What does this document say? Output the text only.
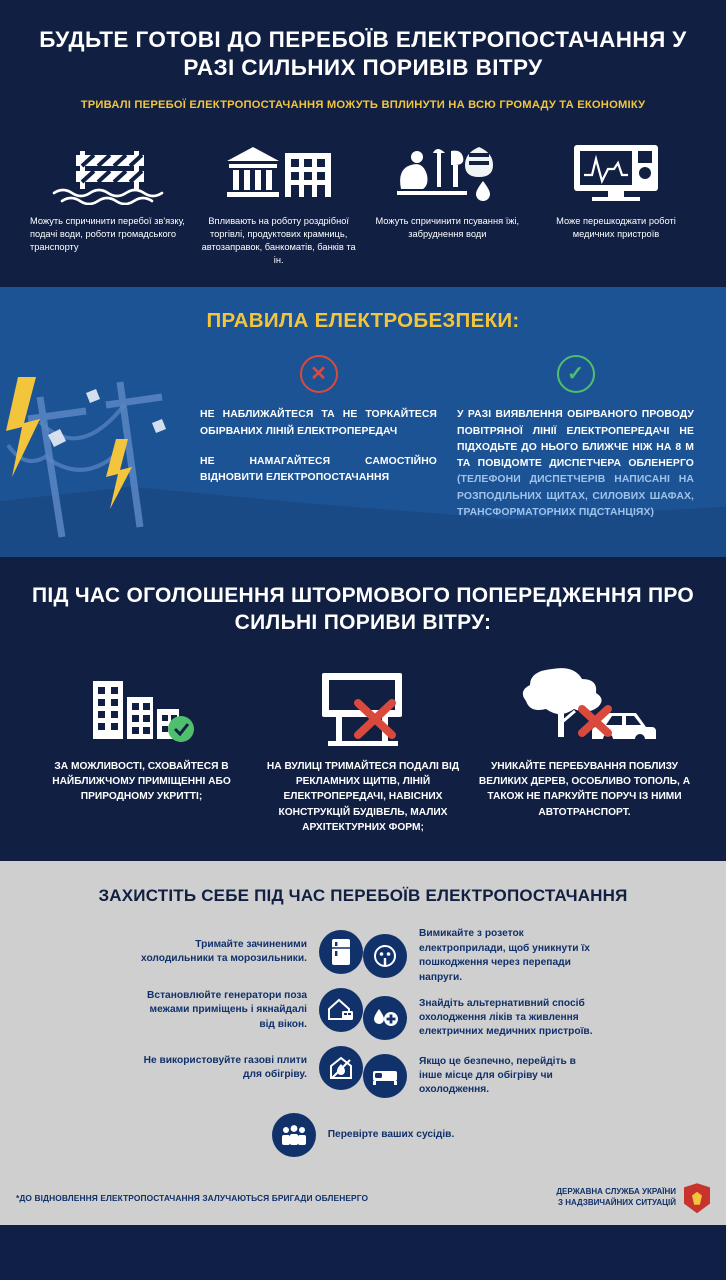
БУДЬТЕ ГОТОВІ ДО ПЕРЕБОЇВ ЕЛЕКТРОПОСТАЧАННЯ У РАЗІ СИЛЬНИХ ПОРИВІВ ВІТРУ
ТРИВАЛІ ПЕРЕБОЇ ЕЛЕКТРОПОСТАЧАННЯ МОЖУТЬ ВПЛИНУТИ НА ВСЮ ГРОМАДУ ТА ЕКОНОМІКУ
Можуть спричинити перебої зв'язку, подачі води, роботи громадського транспорту
Впливають на роботу роздрібної торгівлі, продуктових крамниць, автозаправок, банкоматів, банків та ін.
Можуть спричинити псування їжі, забруднення води
Може перешкоджати роботі медичних пристроїв
ПРАВИЛА ЕЛЕКТРОБЕЗПЕКИ:
✕
НЕ НАБЛИЖАЙТЕСЯ ТА НЕ ТОРКАЙТЕСЯ ОБІРВАНИХ ЛІНІЙ ЕЛЕКТРОПЕРЕДАЧ
НЕ НАМАГАЙТЕСЯ САМОСТІЙНО ВІДНОВИТИ ЕЛЕКТРОПОСТАЧАННЯ
✓
У РАЗІ ВИЯВЛЕННЯ ОБІРВАНОГО ПРОВОДУ ПОВІТРЯНОЇ ЛІНІЇ ЕЛЕКТРОПЕРЕДАЧІ НЕ ПІДХОДЬТЕ ДО НЬОГО БЛИЖЧЕ НІЖ НА 8 М ТА ПОВІДОМТЕ ДИСПЕТЧЕРА ОБЛЕНЕРГО (ТЕЛЕФОНИ ДИСПЕТЧЕРІВ НАПИСАНІ НА РОЗПОДІЛЬНИХ ЩИТАХ, СИЛОВИХ ШАФАХ, ТРАНСФОРМАТОРНИХ ПІДСТАНЦІЯХ)
ПІД ЧАС ОГОЛОШЕННЯ ШТОРМОВОГО ПОПЕРЕДЖЕННЯ ПРО СИЛЬНІ ПОРИВИ ВІТРУ:
ЗА МОЖЛИВОСТІ, СХОВАЙТЕСЯ В НАЙБЛИЖЧОМУ ПРИМІЩЕННІ АБО ПРИРОДНОМУ УКРИТТІ;
НА ВУЛИЦІ ТРИМАЙТЕСЯ ПОДАЛІ ВІД РЕКЛАМНИХ ЩИТІВ, ЛІНІЙ ЕЛЕКТРОПЕРЕДАЧІ, НАВІСНИХ КОНСТРУКЦІЙ БУДІВЕЛЬ, МАЛИХ АРХІТЕКТУРНИХ ФОРМ;
УНИКАЙТЕ ПЕРЕБУВАННЯ ПОБЛИЗУ ВЕЛИКИХ ДЕРЕВ, ОСОБЛИВО ТОПОЛЬ, А ТАКОЖ НЕ ПАРКУЙТЕ ПОРУЧ ІЗ НИМИ АВТОТРАНСПОРТ.
ЗАХИСТІТЬ СЕБЕ ПІД ЧАС ПЕРЕБОЇВ ЕЛЕКТРОПОСТАЧАННЯ
Тримайте зачиненими холодильники та морозильники.
Встановлюйте генератори поза межами приміщень і якнайдалі від вікон.
Не використовуйте газові плити для обігріву.
Вимикайте з розеток електроприлади, щоб уникнути їх пошкодження через перепади напруги.
Знайдіть альтернативний спосіб охолодження ліків та живлення електричних медичних пристроїв.
Якщо це безпечно, перейдіть в інше місце для обігріву чи охолодження.
Перевірте ваших сусідів.
*ДО ВІДНОВЛЕННЯ ЕЛЕКТРОПОСТАЧАННЯ ЗАЛУЧАЮТЬСЯ БРИГАДИ ОБЛЕНЕРГО
ДЕРЖАВНА СЛУЖБА УКРАЇНИ
З НАДЗВИЧАЙНИХ СИТУАЦІЙ
